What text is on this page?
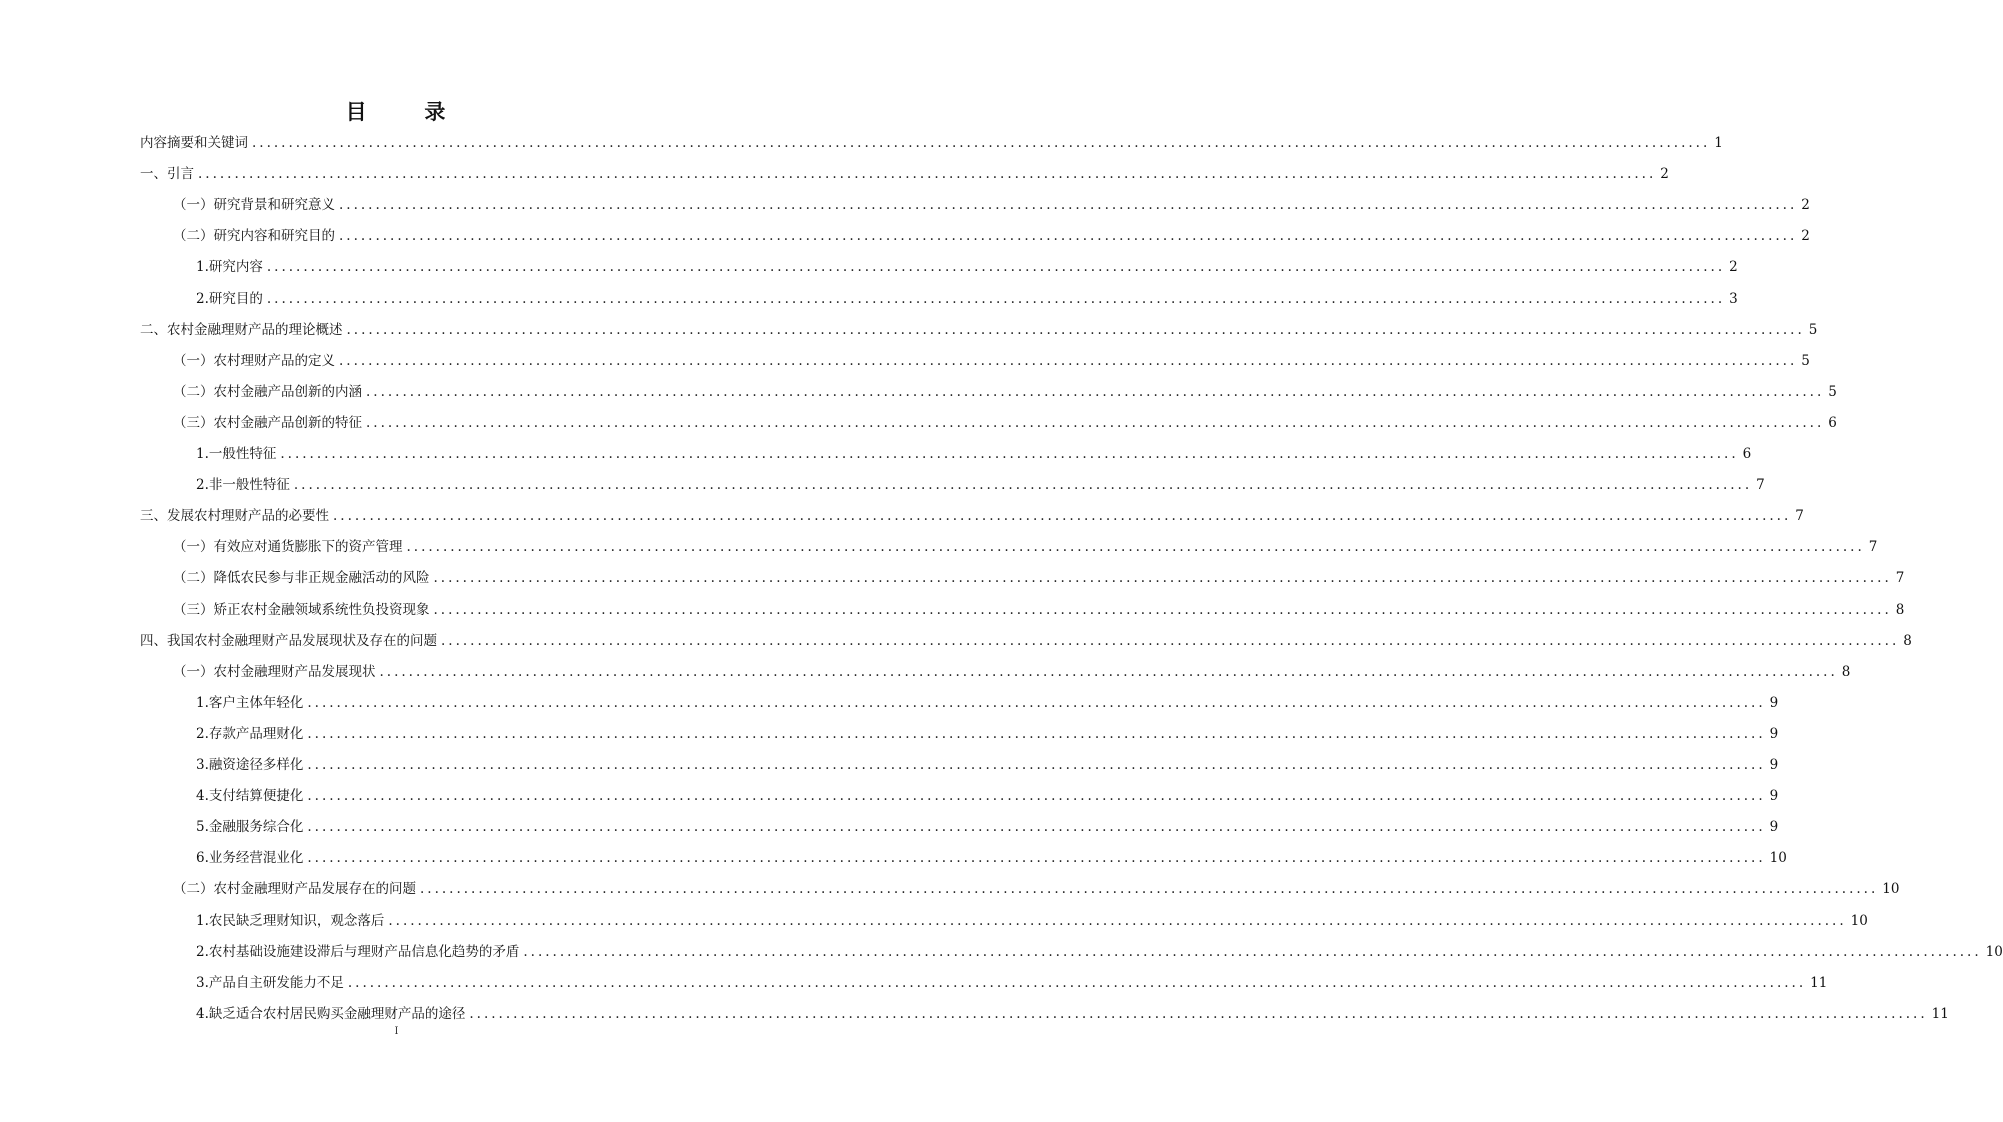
目      录
内容摘要和关键词 ........................................................................................................................................................................................................ 1
一、引言 ........................................................................................................................................................................................................ 2
（一）研究背景和研究意义 ........................................................................................................................................................................................................ 2
（二）研究内容和研究目的 ........................................................................................................................................................................................................ 2
1.研究内容 ........................................................................................................................................................................................................ 2
2.研究目的 ........................................................................................................................................................................................................ 3
二、农村金融理财产品的理论概述 ........................................................................................................................................................................................................ 5
（一）农村理财产品的定义 ........................................................................................................................................................................................................ 5
（二）农村金融产品创新的内涵 ........................................................................................................................................................................................................ 5
（三）农村金融产品创新的特征 ........................................................................................................................................................................................................ 6
1.一般性特征 ........................................................................................................................................................................................................ 6
2.非一般性特征 ........................................................................................................................................................................................................ 7
三、发展农村理财产品的必要性 ........................................................................................................................................................................................................ 7
（一）有效应对通货膨胀下的资产管理 ........................................................................................................................................................................................................ 7
（二）降低农民参与非正规金融活动的风险 ........................................................................................................................................................................................................ 7
（三）矫正农村金融领域系统性负投资现象 ........................................................................................................................................................................................................ 8
四、我国农村金融理财产品发展现状及存在的问题 ........................................................................................................................................................................................................ 8
（一）农村金融理财产品发展现状 ........................................................................................................................................................................................................ 8
1.客户主体年轻化 ........................................................................................................................................................................................................ 9
2.存款产品理财化 ........................................................................................................................................................................................................ 9
3.融资途径多样化 ........................................................................................................................................................................................................ 9
4.支付结算便捷化 ........................................................................................................................................................................................................ 9
5.金融服务综合化 ........................................................................................................................................................................................................ 9
6.业务经营混业化 ........................................................................................................................................................................................................ 10
（二）农村金融理财产品发展存在的问题 ........................................................................................................................................................................................................ 10
1.农民缺乏理财知识，观念落后 ........................................................................................................................................................................................................ 10
2.农村基础设施建设滞后与理财产品信息化趋势的矛盾 ........................................................................................................................................................................................................ 10
3.产品自主研发能力不足 ........................................................................................................................................................................................................ 11
4.缺乏适合农村居民购买金融理财产品的途径 ........................................................................................................................................................................................................ 11
I
